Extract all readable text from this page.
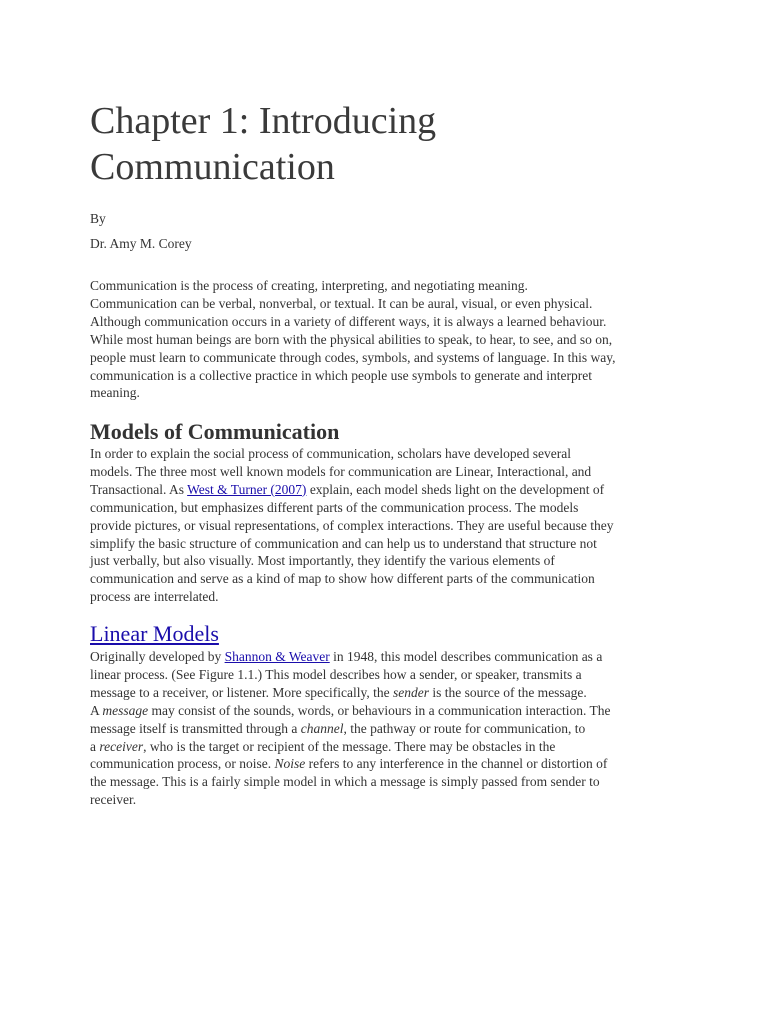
Chapter 1: Introducing
Communication

By

Dr. Amy M. Corey

Communication is the process of creating, interpreting, and negotiating meaning.
Communication can be verbal, nonverbal, or textual. It can be aural, visual, or even physical.
Although communication occurs in a variety of different ways, it is always a learned behaviour.
While most human beings are born with the physical abilities to speak, to hear, to see, and so on,
people must learn to communicate through codes, symbols, and systems of language. In this way,
communication is a collective practice in which people use symbols to generate and interpret
meaning.

Models of Communication

In order to explain the social process of communication, scholars have developed several
models. The three most well known models for communication are Linear, Interactional, and
Transactional. As West & Turner (2007) explain, each model sheds light on the development of
communication, but emphasizes different parts of the communication process. The models
provide pictures, or visual representations, of complex interactions. They are useful because they
simplify the basic structure of communication and can help us to understand that structure not
just verbally, but also visually. Most importantly, they identify the various elements of
communication and serve as a kind of map to show how different parts of the communication
process are interrelated.

Linear Models

Originally developed by Shannon & Weaver in 1948, this model describes communication as a
linear process. (See Figure 1.1.) This model describes how a sender, or speaker, transmits a
message to a receiver, or listener. More specifically, the sender is the source of the message.
A message may consist of the sounds, words, or behaviours in a communication interaction. The
message itself is transmitted through a channel, the pathway or route for communication, to
a receiver, who is the target or recipient of the message. There may be obstacles in the
communication process, or noise. Noise refers to any interference in the channel or distortion of
the message. This is a fairly simple model in which a message is simply passed from sender to
receiver.
